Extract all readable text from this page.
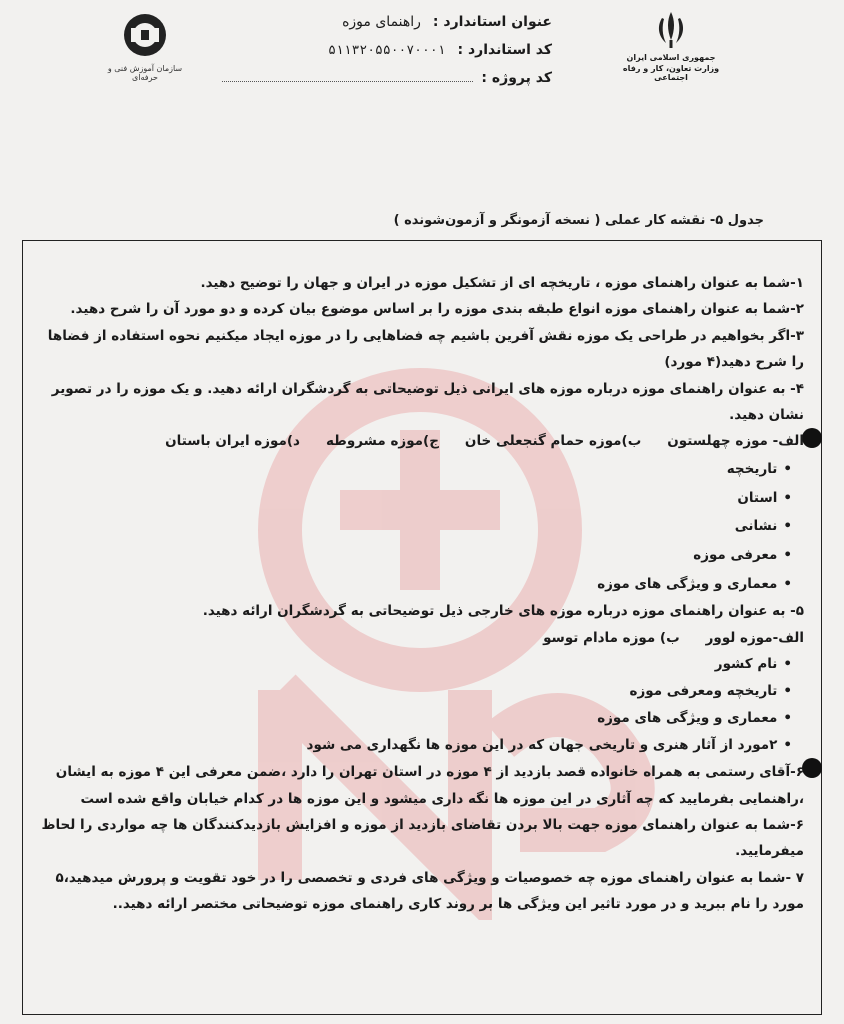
جمهوری اسلامی ایران
وزارت تعاون، کار و رفاه اجتماعی
عنوان استاندارد :
راهنمای موزه
کد استاندارد :
۵۱۱۳۲۰۵۵۰۰۷۰۰۰۱
کد پروژه :
سازمان آموزش فنی و حرفه‌ای
جدول ۵- نقشه کار عملی ( نسخه آزمونگر و آزمون‌شونده )

۱-شما به عنوان راهنمای موزه ، تاریخچه ای از تشکیل موزه در ایران و جهان را توضیح دهید.

۲-شما به عنوان راهنمای موزه انواع طبقه بندی موزه را بر اساس موضوع بیان کرده و دو مورد آن را شرح دهید.

۳-اگر بخواهیم در طراحی یک موزه نقش آفرین باشیم چه فضاهایی را در موزه ایجاد میکنیم نحوه استفاده از فضاها را شرح دهید(۴ مورد)

۴- به عنوان راهنمای موزه درباره موزه های ایرانی ذیل توضیحاتی به گردشگران ارائه دهید. و یک موزه را در تصویر نشان دهید.

الف- موزه چهلستون
ب)موزه حمام گنجعلی خان
ج)موزه مشروطه
د)موزه ایران باستان
• تاریخچه
• استان
• نشانی
• معرفی موزه
• معماری و ویژگی های موزه

۵- به عنوان راهنمای موزه درباره موزه های خارجی ذیل توضیحاتی به گردشگران ارائه دهید.

الف-موزه لوور
ب) موزه مادام توسو
• نام کشور
• تاریخچه ومعرفی موزه
• معماری و ویژگی های موزه
• ۲مورد از آثار هنری و تاریخی جهان که در این موزه ها نگهداری می شود

۶-آقای رستمی به همراه خانواده قصد بازدید از ۴ موزه در استان تهران را دارد ،ضمن معرفی این ۴ موزه به ایشان ،راهنمایی بفرمایید که چه آثاری در این موزه ها نگه داری میشود و این موزه ها در کدام خیابان واقع شده است

۶-شما به عنوان راهنمای موزه جهت بالا بردن تقاضای بازدید از موزه و افزایش بازدیدکنندگان ها چه مواردی را لحاظ میفرمایید.

۷ -شما به عنوان راهنمای موزه چه خصوصیات و ویژگی های فردی و تخصصی را در خود تقویت و پرورش میدهید،۵ مورد را نام ببرید و در مورد تاثیر این ویژگی ها بر روند کاری راهنمای موزه توضیحاتی مختصر ارائه دهید..
